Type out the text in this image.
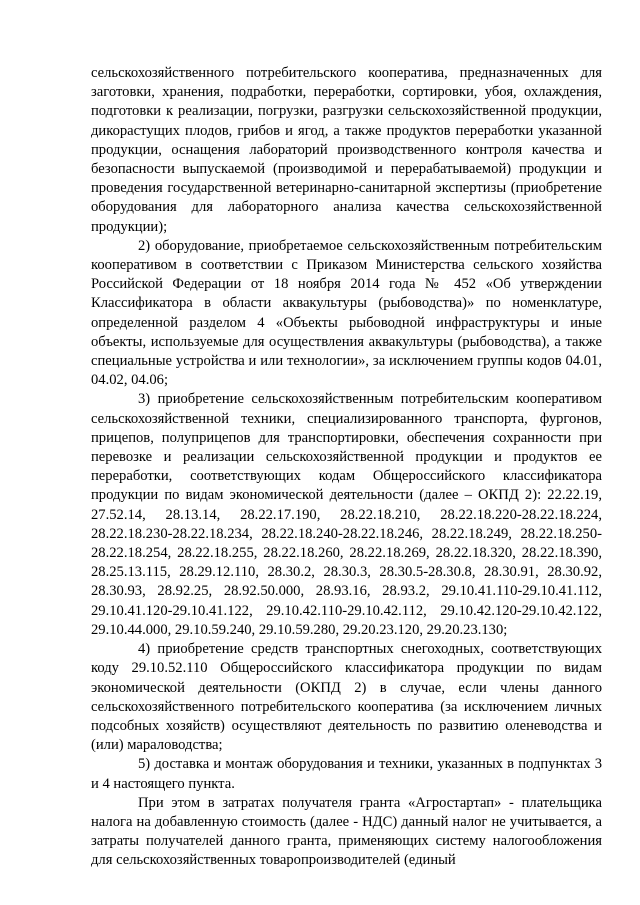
сельскохозяйственного потребительского кооператива, предназначенных для заготовки, хранения, подработки, переработки, сортировки, убоя, охлаждения, подготовки к реализации, погрузки, разгрузки сельскохозяйственной продукции, дикорастущих плодов, грибов и ягод, а также продуктов переработки указанной продукции, оснащения лабораторий производственного контроля качества и безопасности выпускаемой (производимой и перерабатываемой) продукции и проведения государственной ветеринарно-санитарной экспертизы (приобретение оборудования для лабораторного анализа качества сельскохозяйственной продукции);

2) оборудование, приобретаемое сельскохозяйственным потребительским кооперативом в соответствии с Приказом Министерства сельского хозяйства Российской Федерации от 18 ноября 2014 года № 452 «Об утверждении Классификатора в области аквакультуры (рыбоводства)» по номенклатуре, определенной разделом 4 «Объекты рыбоводной инфраструктуры и иные объекты, используемые для осуществления аквакультуры (рыбоводства), а также специальные устройства и или технологии», за исключением группы кодов 04.01, 04.02, 04.06;

3) приобретение сельскохозяйственным потребительским кооперативом сельскохозяйственной техники, специализированного транспорта, фургонов, прицепов, полуприцепов для транспортировки, обеспечения сохранности при перевозке и реализации сельскохозяйственной продукции и продуктов ее переработки, соответствующих кодам Общероссийского классификатора продукции по видам экономической деятельности (далее – ОКПД 2): 22.22.19, 27.52.14, 28.13.14, 28.22.17.190, 28.22.18.210, 28.22.18.220-28.22.18.224, 28.22.18.230-28.22.18.234, 28.22.18.240-28.22.18.246, 28.22.18.249, 28.22.18.250-28.22.18.254, 28.22.18.255, 28.22.18.260, 28.22.18.269, 28.22.18.320, 28.22.18.390, 28.25.13.115, 28.29.12.110, 28.30.2, 28.30.3, 28.30.5-28.30.8, 28.30.91, 28.30.92, 28.30.93, 28.92.25, 28.92.50.000, 28.93.16, 28.93.2, 29.10.41.110-29.10.41.112, 29.10.41.120-29.10.41.122, 29.10.42.110-29.10.42.112, 29.10.42.120-29.10.42.122, 29.10.44.000, 29.10.59.240, 29.10.59.280, 29.20.23.120, 29.20.23.130;

4) приобретение средств транспортных снегоходных, соответствующих коду 29.10.52.110 Общероссийского классификатора продукции по видам экономической деятельности (ОКПД 2) в случае, если члены данного сельскохозяйственного потребительского кооператива (за исключением личных подсобных хозяйств) осуществляют деятельность по развитию оленеводства и (или) мараловодства;

5) доставка и монтаж оборудования и техники, указанных в подпунктах 3 и 4 настоящего пункта.

При этом в затратах получателя гранта «Агростартап» - плательщика налога на добавленную стоимость (далее - НДС) данный налог не учитывается, а затраты получателей данного гранта, применяющих систему налогообложения для сельскохозяйственных товаропроизводителей (единый
